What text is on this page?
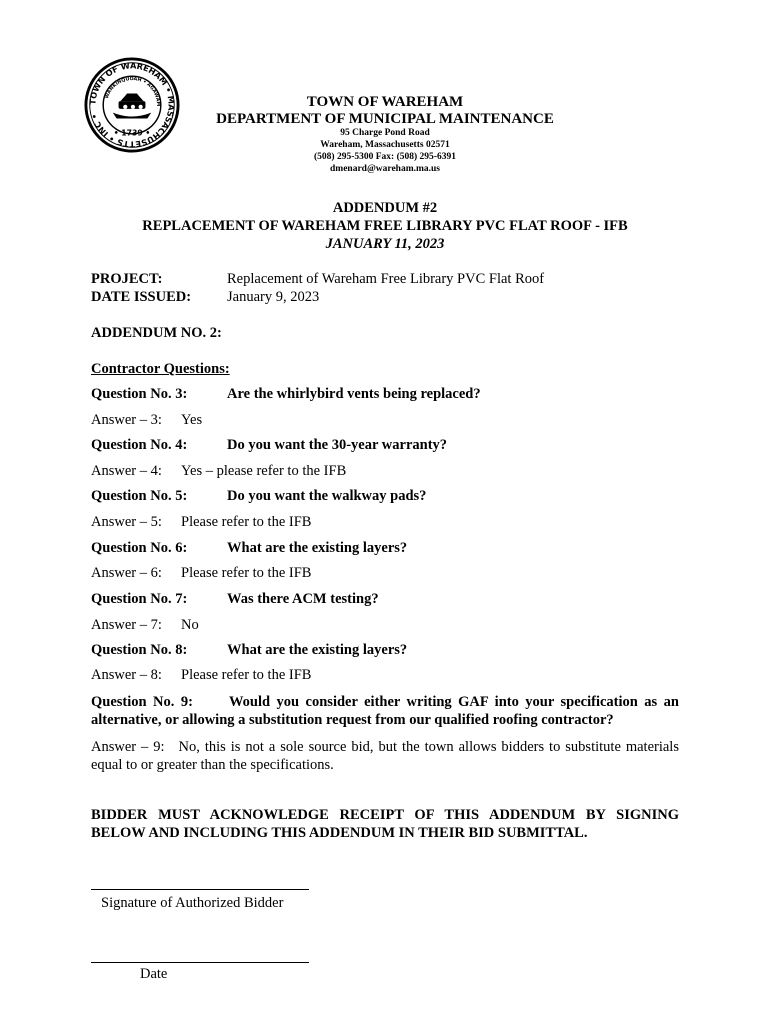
TOWN OF WAREHAM • MASSACHUSETTS • INC •
WANKINQUOAH • AGAWAM
• 1739 •
TOWN OF WAREHAM
DEPARTMENT OF MUNICIPAL MAINTENANCE
95 Charge Pond Road
Wareham, Massachusetts 02571
(508) 295-5300 Fax: (508) 295-6391
dmenard@wareham.ma.us
ADDENDUM #2
REPLACEMENT OF WAREHAM FREE LIBRARY PVC FLAT ROOF - IFB
JANUARY 11, 2023
PROJECT:	Replacement of Wareham Free Library PVC Flat Roof
DATE ISSUED: January 9, 2023
ADDENDUM NO. 2:
Contractor Questions:
Question No. 3:	Are the whirlybird vents being replaced?
Answer – 3: Yes
Question No. 4:	Do you want the 30-year warranty?
Answer – 4: Yes – please refer to the IFB
Question No. 5:	Do you want the walkway pads?
Answer – 5: Please refer to the IFB
Question No. 6:	What are the existing layers?
Answer – 6: Please refer to the IFB
Question No. 7:	Was there ACM testing?
Answer – 7: No
Question No. 8:	What are the existing layers?
Answer – 8: Please refer to the IFB
Question No. 9: Would you consider either writing GAF into your specification as an alternative, or allowing a substitution request from our qualified roofing contractor?
Answer – 9: No, this is not a sole source bid, but the town allows bidders to substitute materials equal to or greater than the specifications.
BIDDER MUST ACKNOWLEDGE RECEIPT OF THIS ADDENDUM BY SIGNING BELOW AND INCLUDING THIS ADDENDUM IN THEIR BID SUBMITTAL.
Signature of Authorized Bidder
Date
